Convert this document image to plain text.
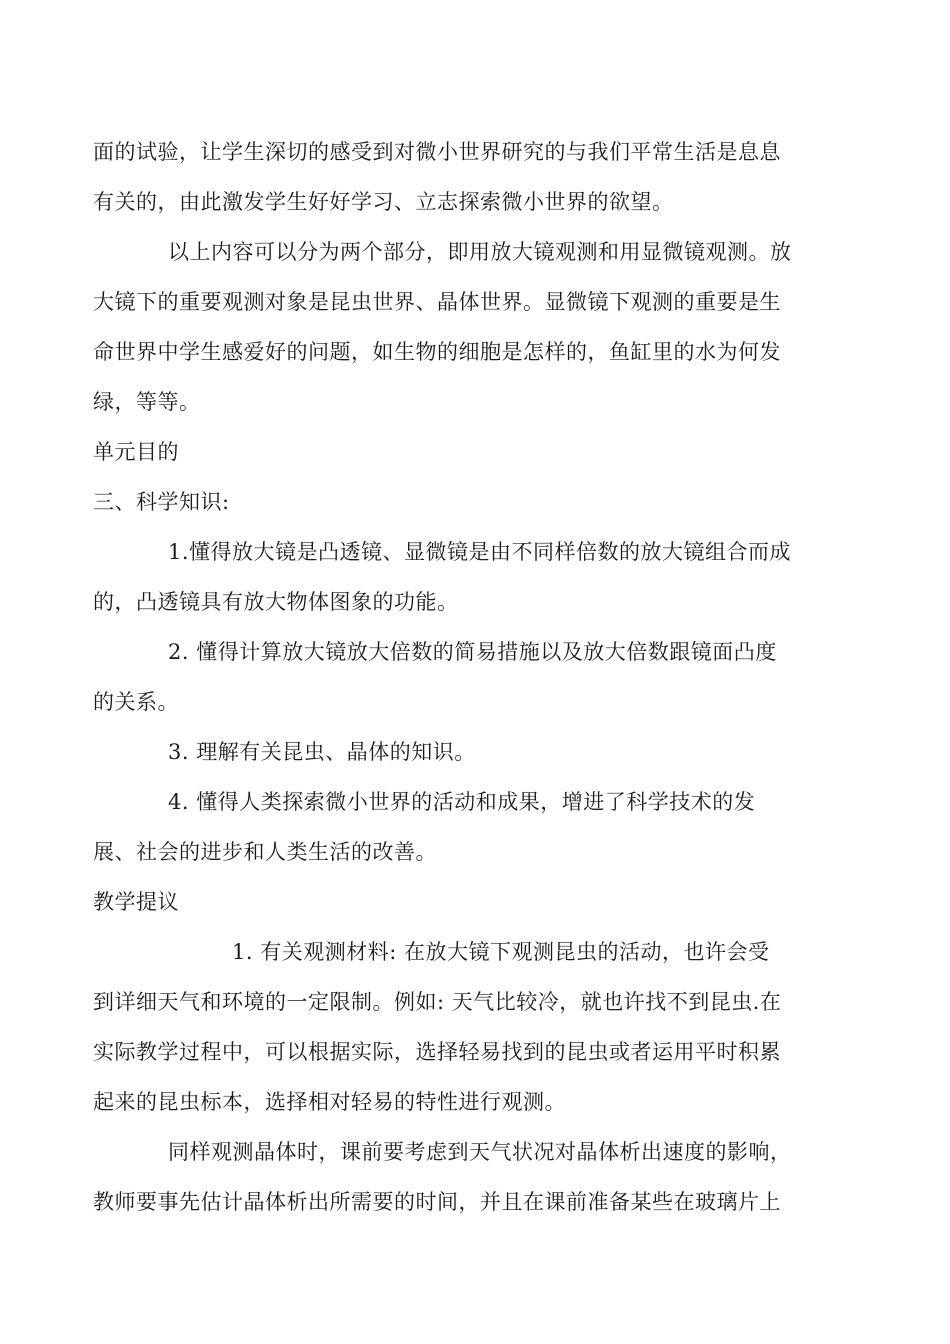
面的试验，让学生深切的感受到对微小世界研究的与我们平常生活是息息
有关的，由此激发学生好好学习、立志探索微小世界的欲望。
以上内容可以分为两个部分，即用放大镜观测和用显微镜观测。放
大镜下的重要观测对象是昆虫世界、晶体世界。显微镜下观测的重要是生
命世界中学生感爱好的问题，如生物的细胞是怎样的，鱼缸里的水为何发
绿，等等。
单元目的
三、科学知识:
1.懂得放大镜是凸透镜、显微镜是由不同样倍数的放大镜组合而成
的，凸透镜具有放大物体图象的功能。
2. 懂得计算放大镜放大倍数的简易措施以及放大倍数跟镜面凸度
的关系。
3. 理解有关昆虫、晶体的知识。
4. 懂得人类探索微小世界的活动和成果，增进了科学技术的发
展、社会的进步和人类生活的改善。
教学提议
1. 有关观测材料: 在放大镜下观测昆虫的活动，也许会受
到详细天气和环境的一定限制。例如: 天气比较冷，就也许找不到昆虫.在
实际教学过程中，可以根据实际，选择轻易找到的昆虫或者运用平时积累
起来的昆虫标本，选择相对轻易的特性进行观测。
同样观测晶体时，课前要考虑到天气状况对晶体析出速度的影响，
教师要事先估计晶体析出所需要的时间，并且在课前准备某些在玻璃片上
